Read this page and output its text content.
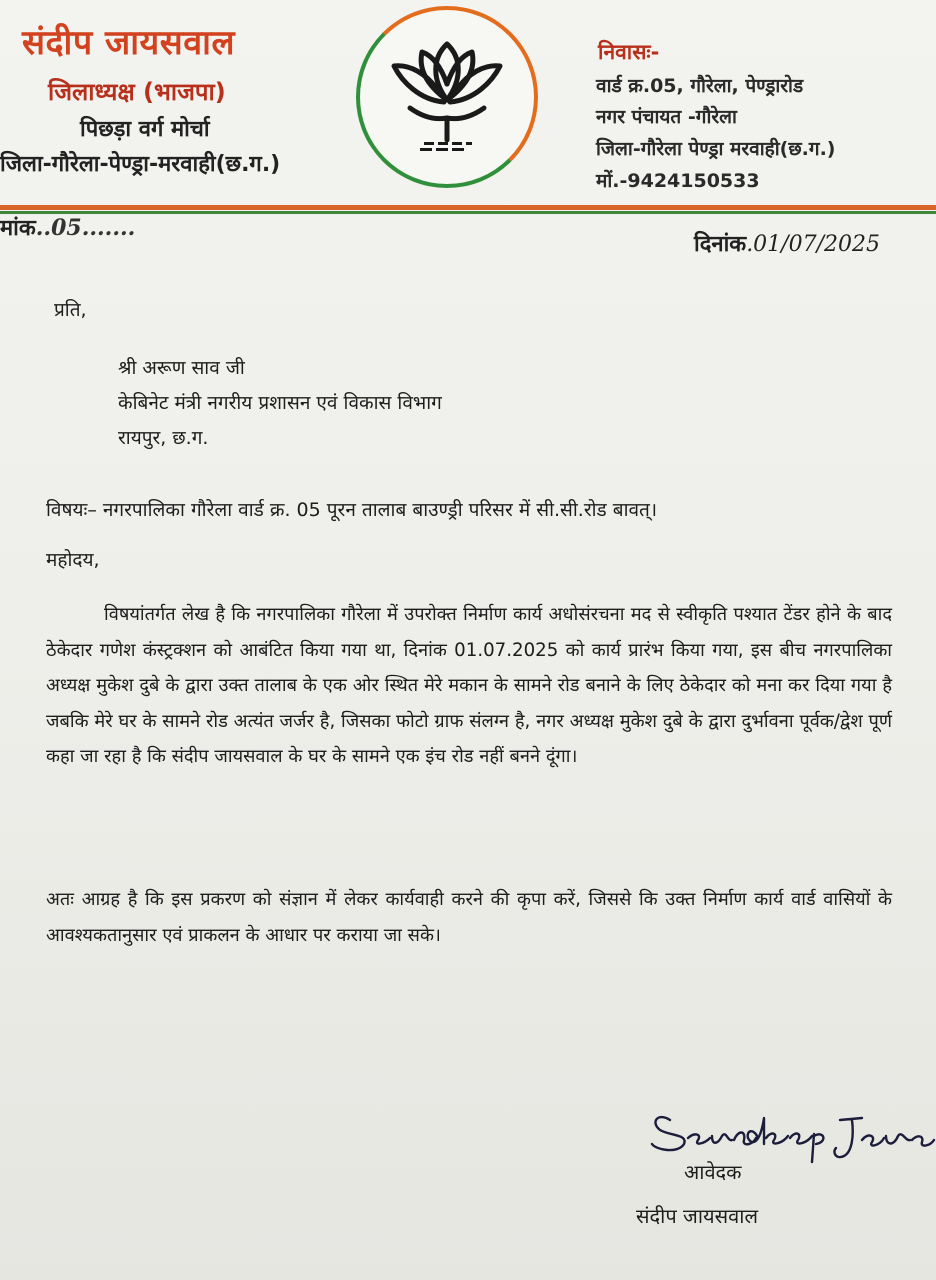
संदीप जायसवाल
जिलाध्यक्ष (भाजपा)
पिछड़ा वर्ग मोर्चा
जिला-गौरेला-पेण्ड्रा-मरवाही(छ.ग.)
निवासः-
वार्ड क्र.05, गौरेला, पेण्ड्रारोड
नगर पंचायत -गौरेला
जिला-गौरेला पेण्ड्रा मरवाही(छ.ग.)
मों.-9424150533
मांक..05.......
दिनांक.01/07/2025
प्रति,
श्री अरूण साव जी
केबिनेट मंत्री नगरीय प्रशासन एवं विकास विभाग
रायपुर, छ.ग.
विषयः– नगरपालिका गौरेला वार्ड क्र. 05 पूरन तालाब बाउण्ड्री परिसर में सी.सी.रोड बावत्।
महोदय,
विषयांतर्गत लेख है कि नगरपालिका गौरेला में उपरोक्त निर्माण कार्य अधोसंरचना मद से स्वीकृति पश्यात टेंडर होने के बाद ठेकेदार गणेश कंस्ट्रक्शन को आबंटित किया गया था, दिनांक 01.07.2025 को कार्य प्रारंभ किया गया, इस बीच नगरपालिका अध्यक्ष मुकेश दुबे के द्वारा उक्त तालाब के एक ओर स्थित मेरे मकान के सामने रोड बनाने के लिए ठेकेदार को मना कर दिया गया है जबकि मेरे घर के सामने रोड अत्यंत जर्जर है, जिसका फोटो ग्राफ संलग्न है, नगर अध्यक्ष मुकेश दुबे के द्वारा दुर्भावना पूर्वक/द्वेश पूर्ण कहा जा रहा है कि संदीप जायसवाल के घर के सामने एक इंच रोड नहीं बनने दूंगा।
अतः आग्रह है कि इस प्रकरण को संज्ञान में लेकर कार्यवाही करने की कृपा करें, जिससे कि उक्त निर्माण कार्य वार्ड वासियों के आवश्यकतानुसार एवं प्राकलन के आधार पर कराया जा सके।
आवेदक
संदीप जायसवाल
